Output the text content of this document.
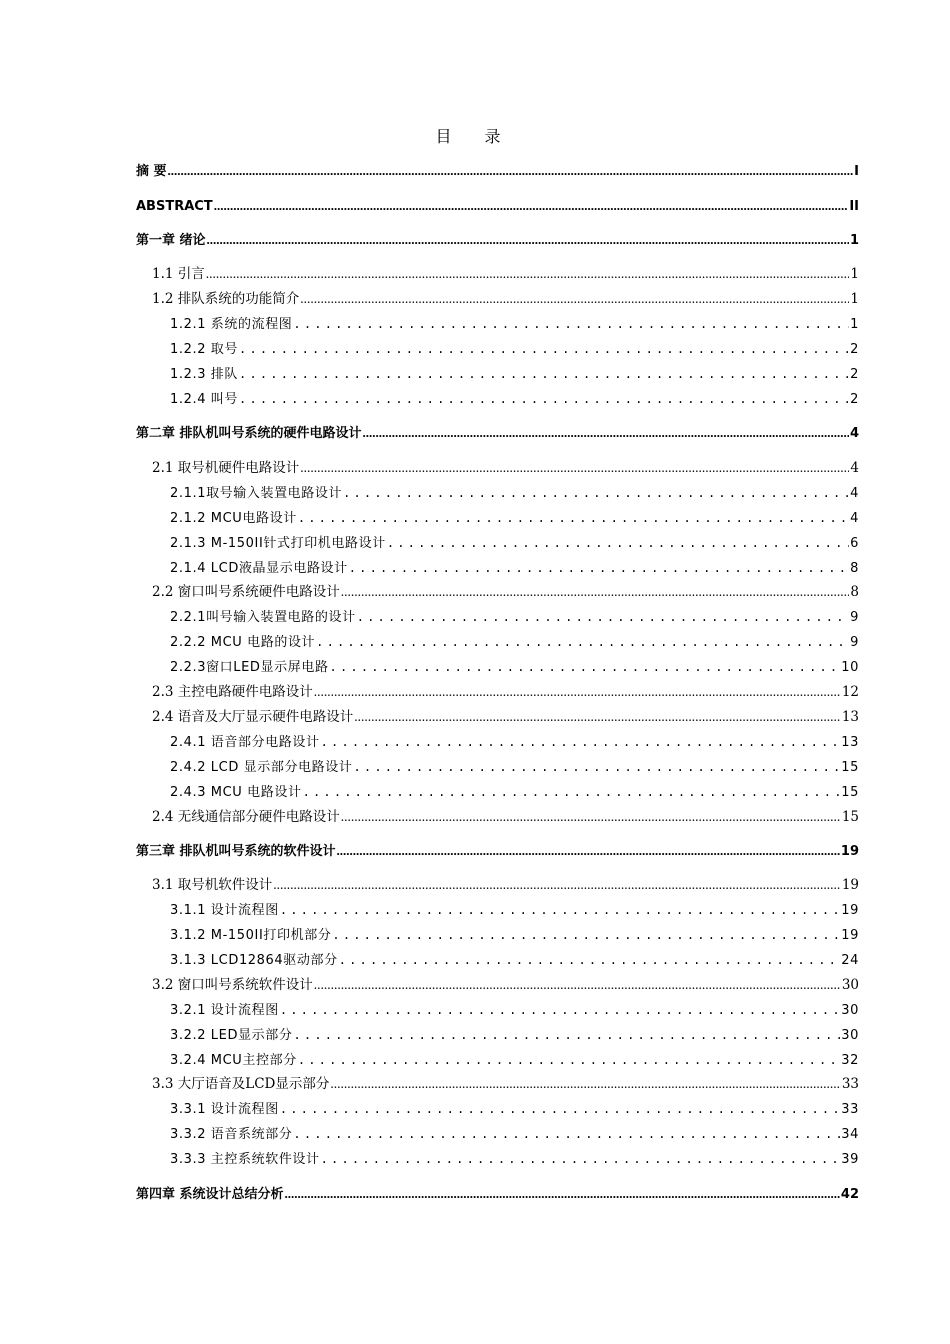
目 录
摘 要 .....	I
ABSTRACT .....	II
第一章 绪论 .....	1
1.1 引言 .....	1
1.2 排队系统的功能简介 .....	1
1.2.1 系统的流程图 .....	1
1.2.2 取号 .....	2
1.2.3 排队 .....	2
1.2.4 叫号 .....	2
第二章 排队机叫号系统的硬件电路设计 .....	4
2.1 取号机硬件电路设计 .....	4
2.1.1取号输入装置电路设计 .....	4
2.1.2 MCU电路设计 .....	4
2.1.3 M-150II针式打印机电路设计 .....	6
2.1.4 LCD液晶显示电路设计 .....	8
2.2 窗口叫号系统硬件电路设计 .....	8
2.2.1叫号输入装置电路的设计 .....	9
2.2.2 MCU 电路的设计 .....	9
2.2.3窗口LED显示屏电路 .....	10
2.3 主控电路硬件电路设计 .....	12
2.4 语音及大厅显示硬件电路设计 .....	13
2.4.1 语音部分电路设计 .....	13
2.4.2 LCD 显示部分电路设计 .....	15
2.4.3 MCU 电路设计 .....	15
2.4 无线通信部分硬件电路设计 .....	15
第三章 排队机叫号系统的软件设计 .....	19
3.1 取号机软件设计 .....	19
3.1.1 设计流程图 .....	19
3.1.2 M-150II打印机部分 .....	19
3.1.3 LCD12864驱动部分 .....	24
3.2 窗口叫号系统软件设计 .....	30
3.2.1 设计流程图 .....	30
3.2.2 LED显示部分 .....	30
3.2.4 MCU主控部分 .....	32
3.3 大厅语音及LCD显示部分 .....	33
3.3.1 设计流程图 .....	33
3.3.2 语音系统部分 .....	34
3.3.3 主控系统软件设计 .....	39
第四章 系统设计总结分析 .....	42
